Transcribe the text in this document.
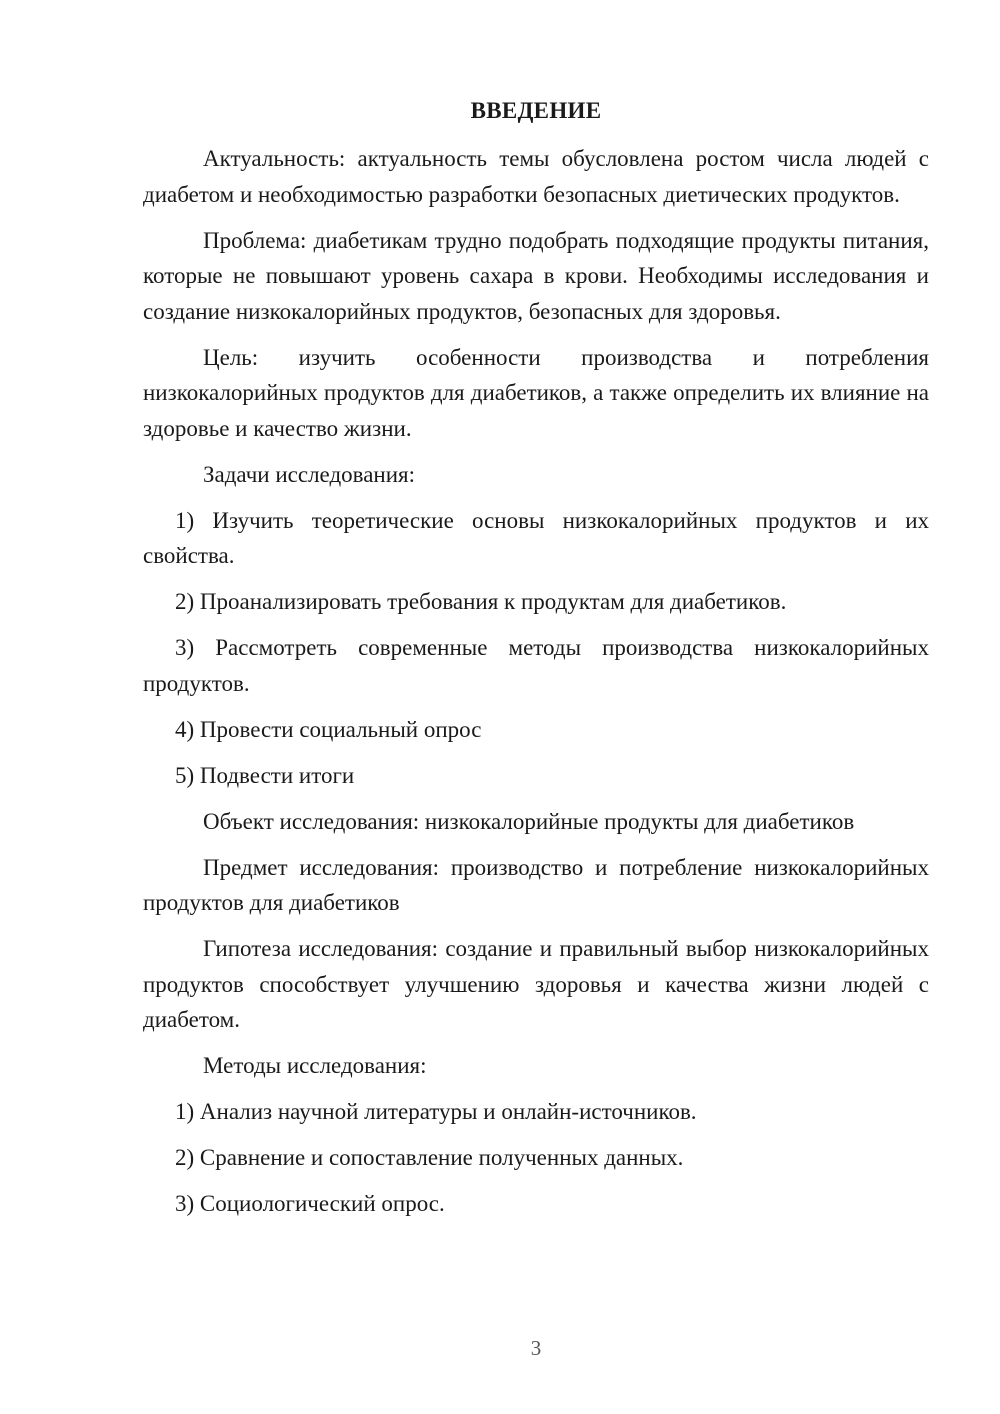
ВВЕДЕНИЕ

Актуальность: актуальность темы обусловлена ростом числа людей с диабетом и необходимостью разработки безопасных диетических продуктов.

Проблема: диабетикам трудно подобрать подходящие продукты питания, которые не повышают уровень сахара в крови. Необходимы исследования и создание низкокалорийных продуктов, безопасных для здоровья.

Цель: изучить особенности производства и потребления низкокалорийных продуктов для диабетиков, а также определить их влияние на здоровье и качество жизни.

Задачи исследования:

1) Изучить теоретические основы низкокалорийных продуктов и их свойства.

2) Проанализировать требования к продуктам для диабетиков.

3) Рассмотреть современные методы производства низкокалорийных продуктов.

4) Провести социальный опрос

5) Подвести итоги

Объект исследования: низкокалорийные продукты для диабетиков

Предмет исследования: производство и потребление низкокалорийных продуктов для диабетиков

Гипотеза исследования: создание и правильный выбор низкокалорийных продуктов способствует улучшению здоровья и качества жизни людей с диабетом.

Методы исследования:

1) Анализ научной литературы и онлайн-источников.

2) Сравнение и сопоставление полученных данных.

3) Социологический опрос.

3
